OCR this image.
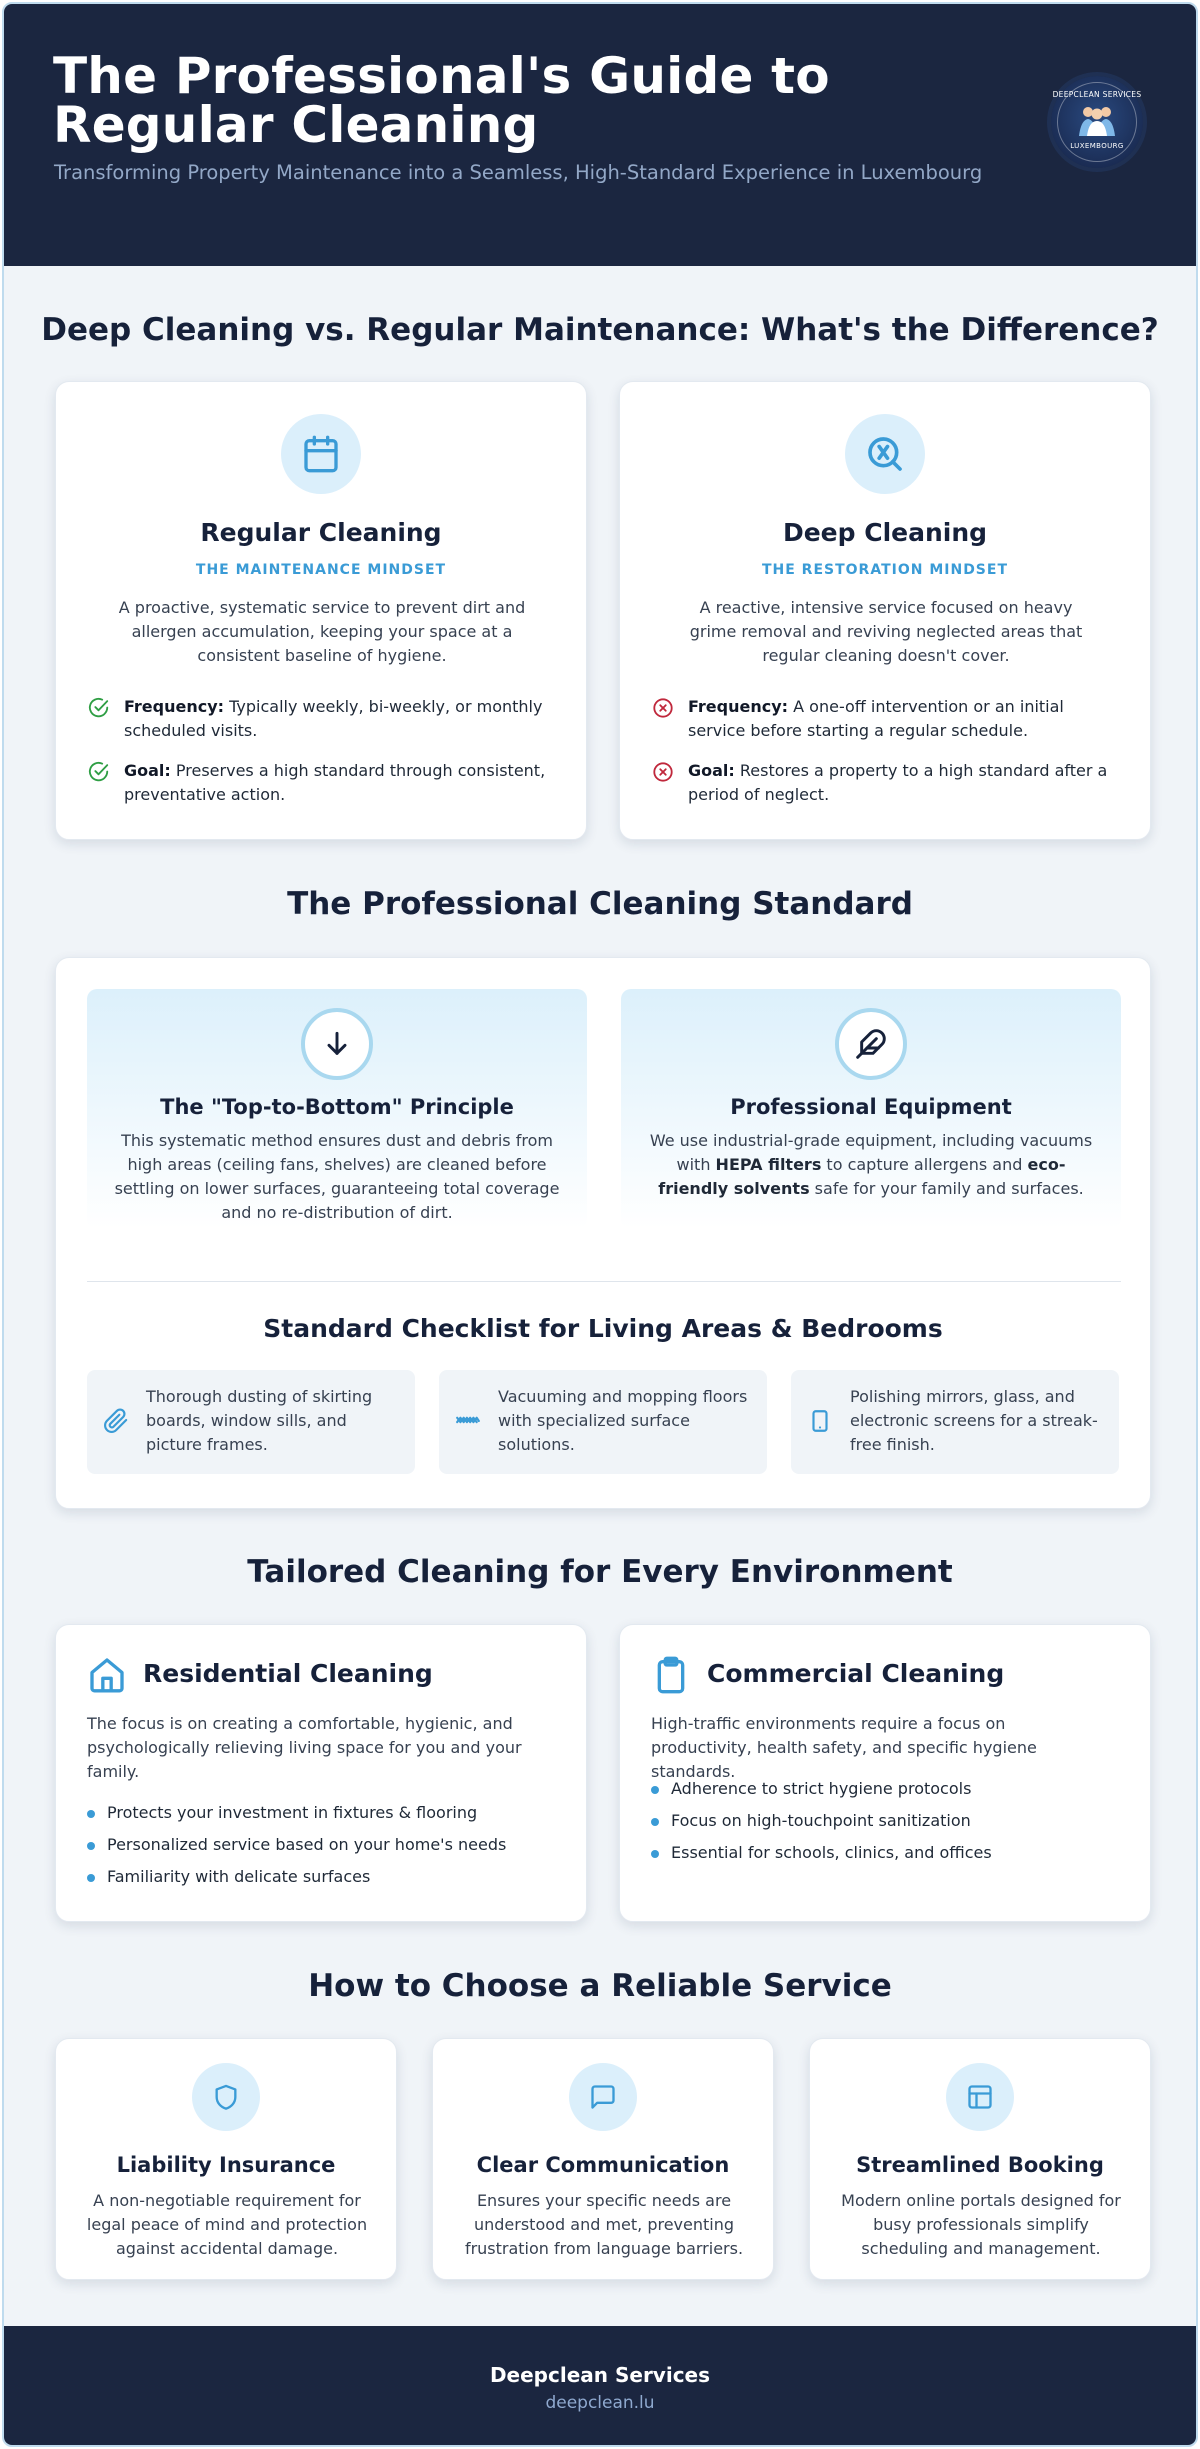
The Professional's Guide to Regular Cleaning
Transforming Property Maintenance into a Seamless, High-Standard Experience in Luxembourg
DEEPCLEAN SERVICES
LUXEMBOURG
Deep Cleaning vs. Regular Maintenance: What's the Difference?
Regular Cleaning
THE MAINTENANCE MINDSET
A proactive, systematic service to prevent dirt and allergen accumulation, keeping your space at a consistent baseline of hygiene.
Frequency: Typically weekly, bi-weekly, or monthly scheduled visits.
Goal: Preserves a high standard through consistent, preventative action.
Deep Cleaning
THE RESTORATION MINDSET
A reactive, intensive service focused on heavy grime removal and reviving neglected areas that regular cleaning doesn't cover.
Frequency: A one-off intervention or an initial service before starting a regular schedule.
Goal: Restores a property to a high standard after a period of neglect.
The Professional Cleaning Standard
The "Top-to-Bottom" Principle
This systematic method ensures dust and debris from high areas (ceiling fans, shelves) are cleaned before settling on lower surfaces, guaranteeing total coverage and no re-distribution of dirt.
Professional Equipment
We use industrial-grade equipment, including vacuums with HEPA filters to capture allergens and eco-friendly solvents safe for your family and surfaces.
Standard Checklist for Living Areas & Bedrooms
Thorough dusting of skirting boards, window sills, and picture frames.
Vacuuming and mopping floors with specialized surface solutions.
Polishing mirrors, glass, and electronic screens for a streak-free finish.
Tailored Cleaning for Every Environment
Residential Cleaning
The focus is on creating a comfortable, hygienic, and psychologically relieving living space for you and your family.
Protects your investment in fixtures & flooring
Personalized service based on your home's needs
Familiarity with delicate surfaces
Commercial Cleaning
High-traffic environments require a focus on productivity, health safety, and specific hygiene standards.
Adherence to strict hygiene protocols
Focus on high-touchpoint sanitization
Essential for schools, clinics, and offices
How to Choose a Reliable Service
Liability Insurance
A non-negotiable requirement for legal peace of mind and protection against accidental damage.
Clear Communication
Ensures your specific needs are understood and met, preventing frustration from language barriers.
Streamlined Booking
Modern online portals designed for busy professionals simplify scheduling and management.
Deepclean Services
deepclean.lu
